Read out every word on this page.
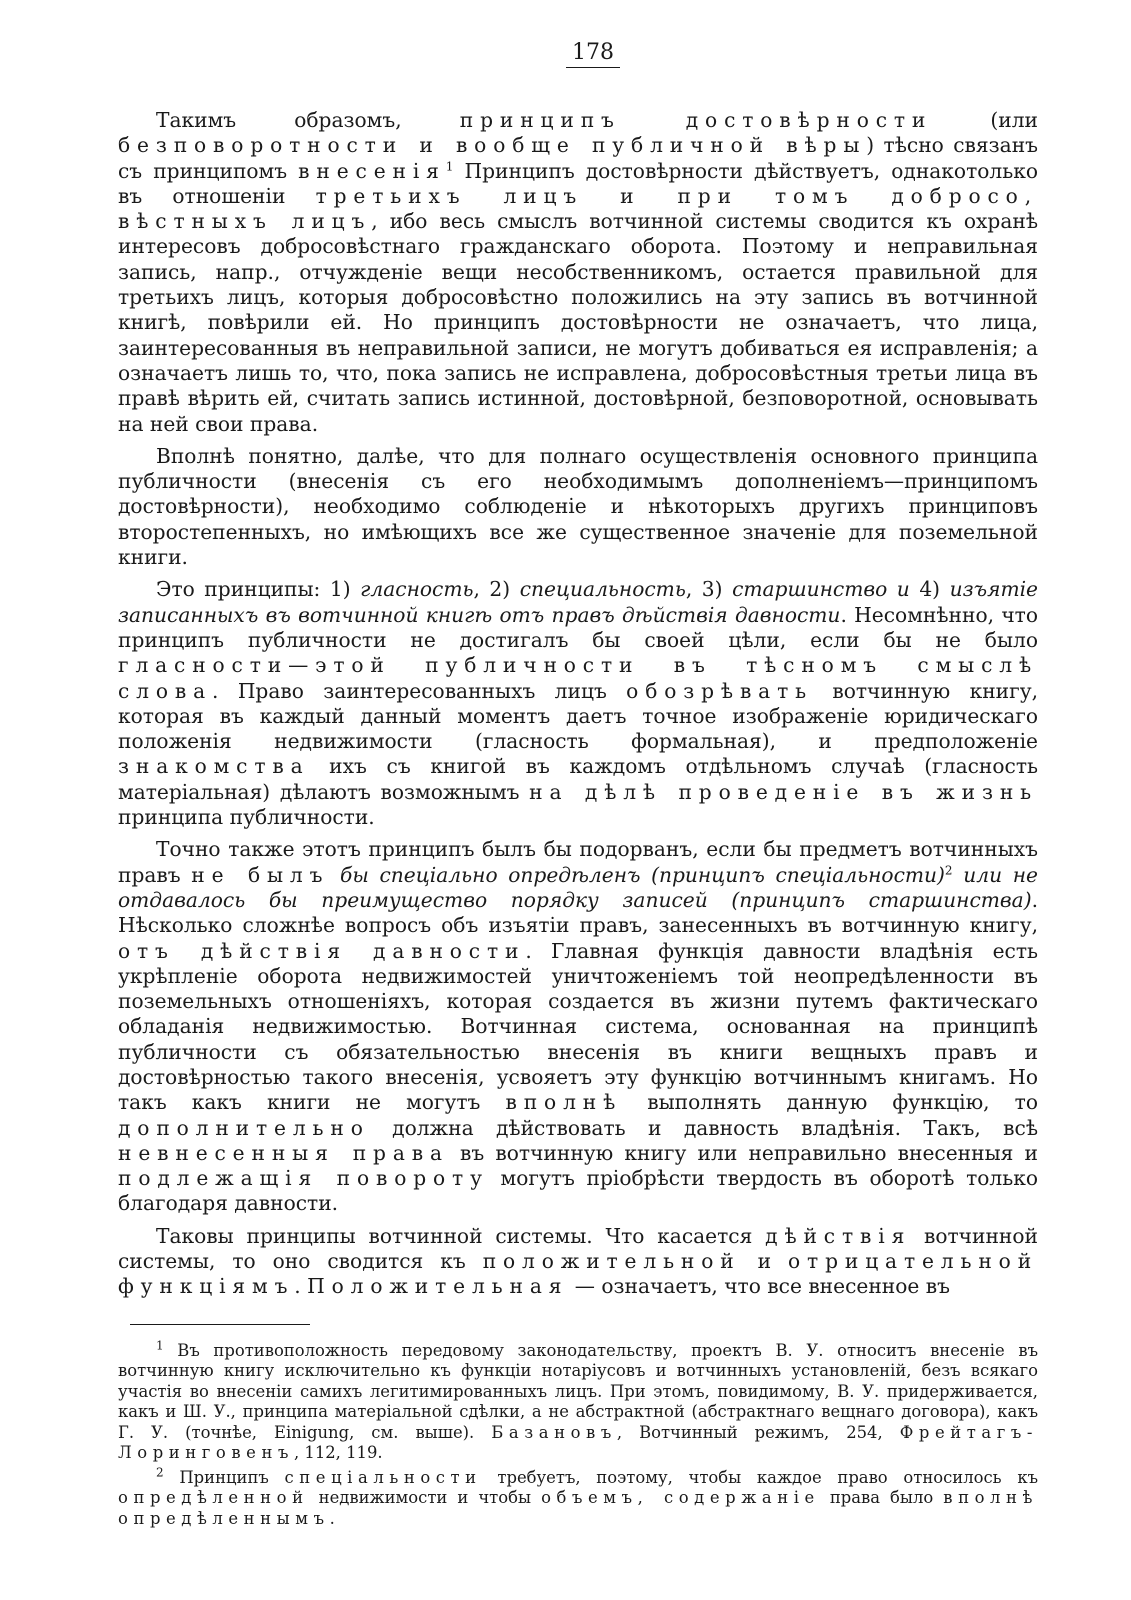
178

Такимъ образомъ, принципъ достовѣрности (или безповоротности и вообще публичной вѣры) тѣсно связанъ съ принципомъ внесенія$^1$ Принципъ достовѣрности дѣйствуетъ, однакотолько въ отношеніи третьихъ лицъ и при томъ добросо, вѣстныхъ лицъ, ибо весь смыслъ вотчинной системы сводится къ охранѣ интересовъ добросовѣстнаго гражданскаго оборота. Поэтому и неправильная запись, напр., отчужденіе вещи несобственникомъ, остается правильной для третьихъ лицъ, которыя добросовѣстно положились на эту запись въ вотчинной книгѣ, повѣрили ей. Но принципъ достовѣрности не означаетъ, что лица, заинтересованныя въ неправильной записи, не могутъ добиваться ея исправленія; а означаетъ лишь то, что, пока запись не исправлена, добросовѣстныя третьи лица въ правѣ вѣрить ей, считать запись истинной, достовѣрной, безповоротной, основывать на ней свои права.

Вполнѣ понятно, далѣе, что для полнаго осуществленія основного принципа публичности (внесенія съ его необходимымъ дополненіемъ—принципомъ достовѣрности), необходимо соблюденіе и нѣкоторыхъ другихъ принциповъ второстепенныхъ, но имѣющихъ все же существенное значеніе для поземельной книги.

Это принципы: 1) гласность, 2) специальность, 3) старшинство и 4) изъятіе записанныхъ въ вотчинной книгѣ отъ правъ дѣйствія давности. Несомнѣнно, что принципъ публичности не достигалъ бы своей цѣли, если бы не было гласности—этой публичности въ тѣсномъ смыслѣ слова. Право заинтересованныхъ лицъ обозрѣвать вотчинную книгу, которая въ каждый данный моментъ даетъ точное изображеніе юридическаго положенія недвижимости (гласность формальная), и предположеніе знакомства ихъ съ книгой въ каждомъ отдѣльномъ случаѣ (гласность матеріальная) дѣлаютъ возможнымъ на дѣлѣ проведеніе въ жизнь принципа публичности.

Точно также этотъ принципъ былъ бы подорванъ, если бы предметъ вотчинныхъ правъ не былъ бы спеціально опредѣленъ (принципъ спеціальности)$^2$ или не отдавалось бы преимущество порядку записей (принципъ старшинства). Нѣсколько сложнѣе вопросъ объ изъятіи правъ, занесенныхъ въ вотчинную книгу, отъ дѣйствія давности. Главная функція давности владѣнія есть укрѣпленіе оборота недвижимостей уничтоженіемъ той неопредѣленности въ поземельныхъ отношеніяхъ, которая создается въ жизни путемъ фактическаго обладанія недвижимостью. Вотчинная система, основанная на принципѣ публичности съ обязательностью внесенія въ книги вещныхъ правъ и достовѣрностью такого внесенія, усвояетъ эту функцію вотчиннымъ книгамъ. Но такъ какъ книги не могутъ вполнѣ выполнять данную функцію, то дополнительно должна дѣйствовать и давность владѣнія. Такъ, всѣ невнесенныя права въ вотчинную книгу или неправильно внесенныя и подлежащія повороту могутъ пріобрѣсти твердость въ оборотѣ только благодаря давности.

Таковы принципы вотчинной системы. Что касается дѣйствія вотчинной системы, то оно сводится къ положительной и отрицательной функціямъ. Положительная — означаетъ, что все внесенное въ

$^1$ Въ противоположность передовому законодательству, проектъ В. У. относитъ внесеніе въ вотчинную книгу исключительно къ функціи нотаріусовъ и вотчинныхъ установленій, безъ всякаго участія во внесеніи самихъ легитимированныхъ лицъ. При этомъ, повидимому, В. У. придерживается, какъ и Ш. У., принципа матеріальной сдѣлки, а не абстрактной (абстрактнаго вещнаго договора), какъ Г. У. (точнѣе, Einigung, см. выше). Базановъ, Вотчинный режимъ, 254, Фрейтагъ-Лоринговенъ, 112, 119.

$^2$ Принципъ спеціальности требуетъ, поэтому, чтобы каждое право относилось къ опредѣленной недвижимости и чтобы объемъ, содержаніе права было вполнѣ опредѣленнымъ.
